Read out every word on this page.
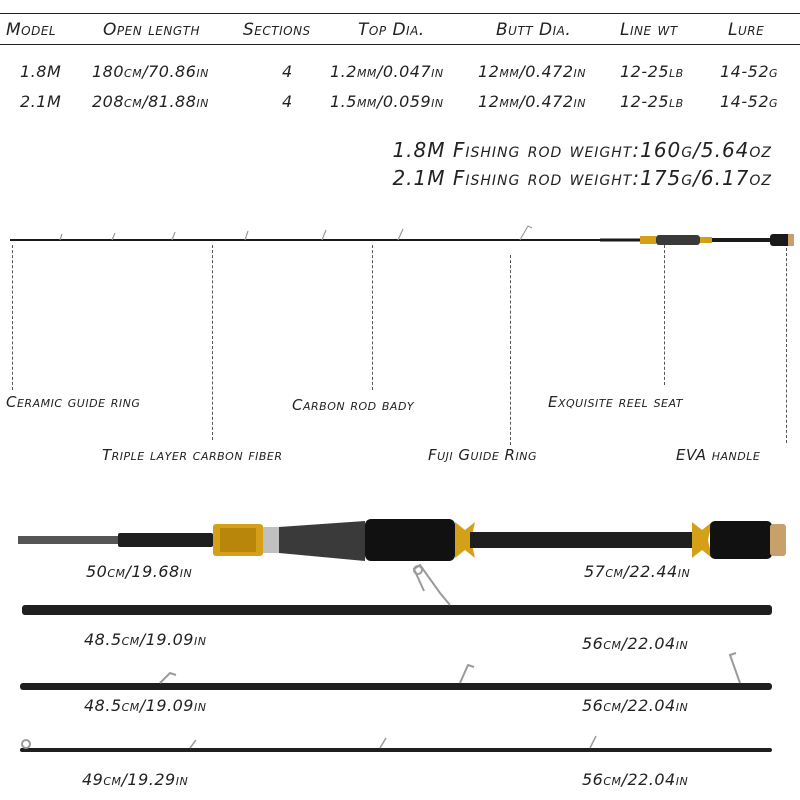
Model	Open length	Sections	Top Dia.	Butt Dia.	Line wt	Lure
1.8M 180cm/70.86in	4 1.2mm/0.047in 12mm/0.472in 12-25lb 14-52g
2.1M 208cm/81.88in	4 1.5mm/0.059in 12mm/0.472in 12-25lb 14-52g
1.8M Fishing rod weight:160g/5.64oz
2.1M Fishing rod weight:175g/6.17oz
Ceramic guide ring
Triple layer carbon fiber
Carbon rod bady
Fuji Guide Ring
Exquisite reel seat
EVA handle
50cm/19.68in	57cm/22.44in
48.5cm/19.09in	56cm/22.04in
48.5cm/19.09in	56cm/22.04in
49cm/19.29in	56cm/22.04in
